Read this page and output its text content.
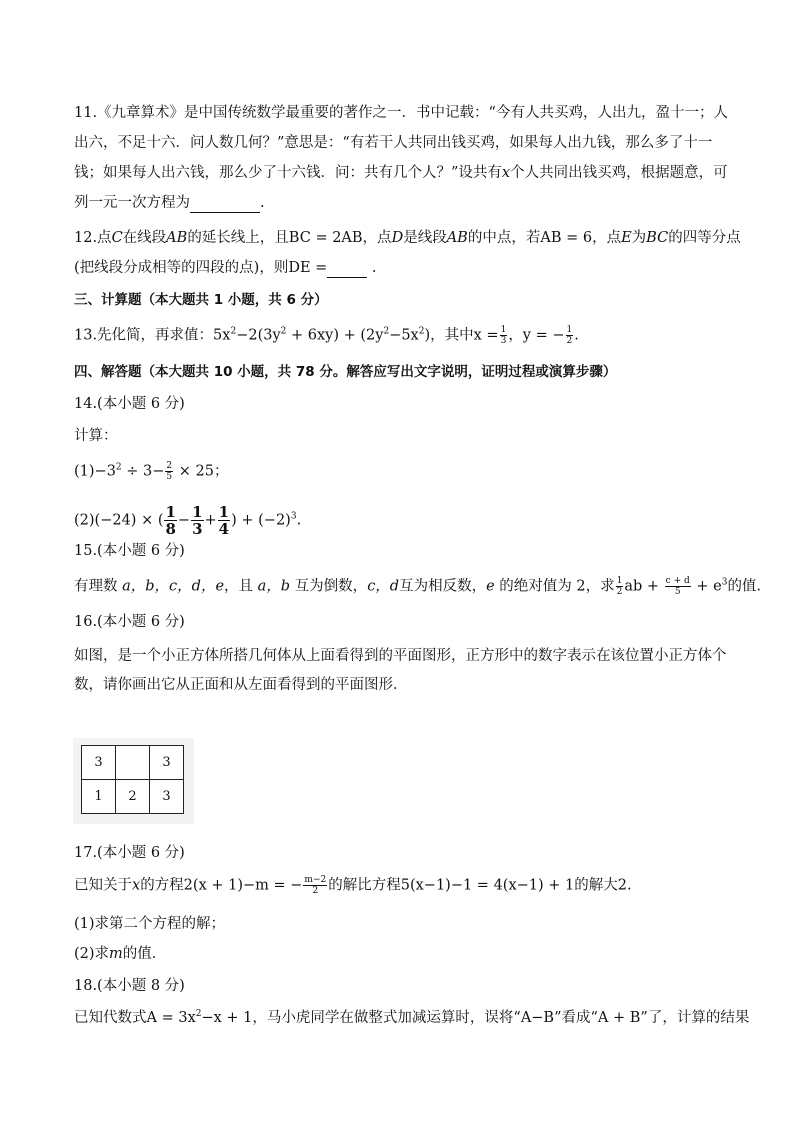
11.《九章算术》是中国传统数学最重要的著作之一．书中记载：“今有人共买鸡，人出九，盈十一；人
出六，不足十六．问人数几何？”意思是：“有若干人共同出钱买鸡，如果每人出九钱，那么多了十一
钱；如果每人出六钱，那么少了十六钱．问：共有几个人？”设共有x个人共同出钱买鸡，根据题意，可
列一元一次方程为	.
12.点C在线段AB的延长线上，且BC = 2AB，点D是线段AB的中点，若AB = 6，点E为BC的四等分点
(把线段分成相等的四段的点)，则DE =	.
三、计算题（本大题共 1 小题，共 6 分）
13.先化简，再求值：$5x^2-2(3y^2 + 6xy) + (2y^2-5x^2)$，其中$x = \frac{1}{3}$ ，y = − $\frac{1}{2}$ .
四、解答题（本大题共 10 小题，共 78 分。解答应写出文字说明，证明过程或演算步骤）
14.(本小题 6 分)
计算：
$(1)-3^2 \div 3- \frac{2}{5} \times 25$；
(2)(−24) × ( $\frac{1}{8} - \frac{1}{3} + \frac{1}{4}$ ) + $(-2)^3$.
15.(本小题 6 分)
有理数 a，b，c，d，e，且 a，b 互为倒数，c，d互为相反数，e 的绝对值为 2，求 $\frac{1}{2}$ ab + $\frac{c + d}{5} + e^3$的值.
16.(本小题 6 分)
如图，是一个小正方体所搭几何体从上面看得到的平面图形，正方形中的数字表示在该位置小正方体个
数，请你画出它从正面和从左面看得到的平面图形．
3		3
1	2	3
17.(本小题 6 分)
已知关于x的方程2(x + 1)−m = − $\frac{m-2}{2}$ 的解比方程5(x−1)−1 = 4(x−1) + 1的解大2.
(1)求第二个方程的解；
(2)求m的值．
18.(本小题 8 分)
已知代数式$A = 3x^2-x + 1$，马小虎同学在做整式加减运算时，误将“A−B”看成“A + B”了，计算的结果
